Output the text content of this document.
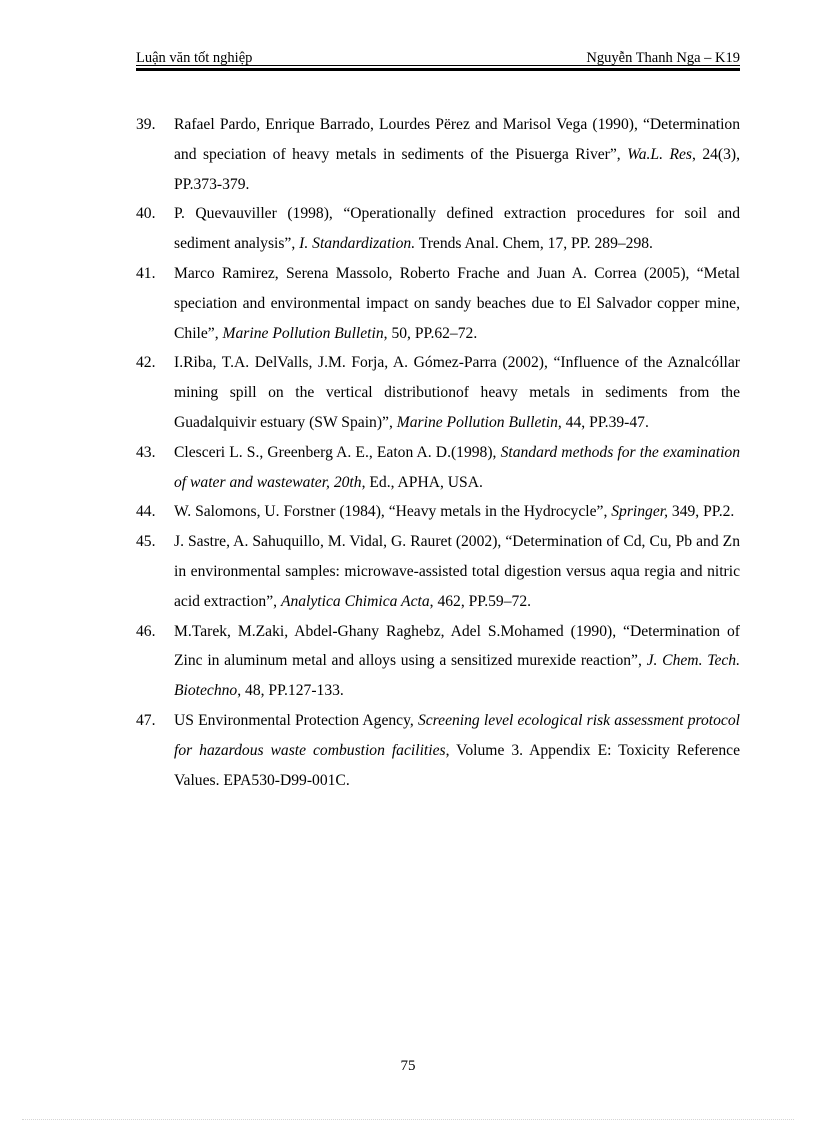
Luận văn tốt nghiệp	Nguyễn Thanh Nga – K19
39. Rafael Pardo, Enrique Barrado, Lourdes Përez and Marisol Vega (1990), “Determination and speciation of heavy metals in sediments of the Pisuerga River”, Wa.L. Res, 24(3), PP.373-379.
40. P. Quevauviller (1998), “Operationally defined extraction procedures for soil and sediment analysis”, I. Standardization. Trends Anal. Chem, 17, PP. 289–298.
41. Marco Ramirez, Serena Massolo, Roberto Frache and Juan A. Correa (2005), “Metal speciation and environmental impact on sandy beaches due to El Salvador copper mine, Chile”, Marine Pollution Bulletin, 50, PP.62–72.
42. I.Riba, T.A. DelValls, J.M. Forja, A. Gómez-Parra (2002), “Influence of the Aznalcóllar mining spill on the vertical distributionof heavy metals in sediments from the Guadalquivir estuary (SW Spain)”, Marine Pollution Bulletin, 44, PP.39-47.
43. Clesceri L. S., Greenberg A. E., Eaton A. D.(1998), Standard methods for the examination of water and wastewater, 20th, Ed., APHA, USA.
44. W. Salomons, U. Forstner (1984), “Heavy metals in the Hydrocycle”, Springer, 349, PP.2.
45. J. Sastre, A. Sahuquillo, M. Vidal, G. Rauret (2002), “Determination of Cd, Cu, Pb and Zn in environmental samples: microwave-assisted total digestion versus aqua regia and nitric acid extraction”, Analytica Chimica Acta, 462, PP.59–72.
46. M.Tarek, M.Zaki, Abdel-Ghany Raghebz, Adel S.Mohamed (1990), “Determination of Zinc in aluminum metal and alloys using a sensitized murexide reaction”, J. Chem. Tech. Biotechno, 48, PP.127-133.
47. US Environmental Protection Agency, Screening level ecological risk assessment protocol for hazardous waste combustion facilities, Volume 3. Appendix E: Toxicity Reference Values. EPA530-D99-001C.
75
